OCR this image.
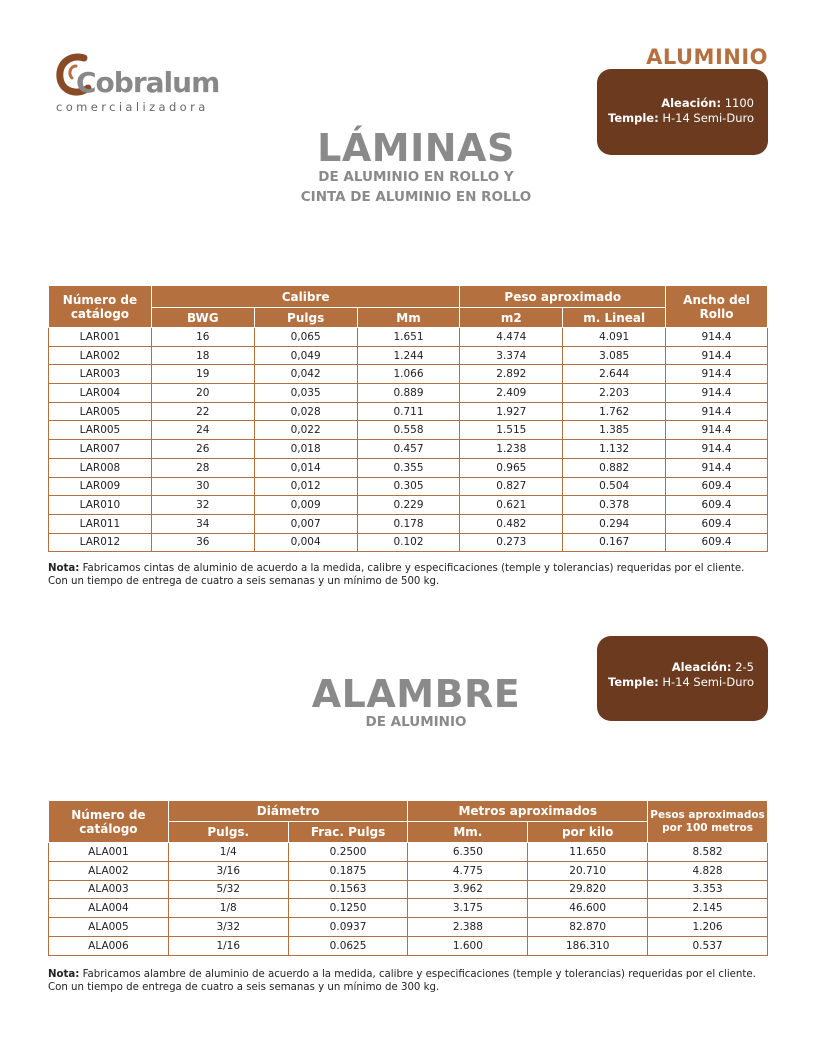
Cobralum
comercializadora
ALUMINIO
Aleación: 1100
Temple: H-14 Semi-Duro
LÁMINAS
DE ALUMINIO EN ROLLO Y
CINTA DE ALUMINIO EN ROLLO
Número de catálogo	Calibre			Peso aproximado		Ancho del Rollo
	BWG	Pulgs	Mm	m2	m. Lineal	
LAR001	16	0,065	1.651	4.474	4.091	914.4
LAR002	18	0,049	1.244	3.374	3.085	914.4
LAR003	19	0,042	1.066	2.892	2.644	914.4
LAR004	20	0,035	0.889	2.409	2.203	914.4
LAR005	22	0,028	0.711	1.927	1.762	914.4
LAR005	24	0,022	0.558	1.515	1.385	914.4
LAR007	26	0,018	0.457	1.238	1.132	914.4
LAR008	28	0,014	0.355	0.965	0.882	914.4
LAR009	30	0,012	0.305	0.827	0.504	609.4
LAR010	32	0,009	0.229	0.621	0.378	609.4
LAR011	34	0,007	0.178	0.482	0.294	609.4
LAR012	36	0,004	0.102	0.273	0.167	609.4
Nota: Fabricamos cintas de aluminio de acuerdo a la medida, calibre y especificaciones (temple y tolerancias) requeridas por el cliente.
Con un tiempo de entrega de cuatro a seis semanas y un mínimo de 500 kg.
Aleación: 2-5
Temple: H-14 Semi-Duro
ALAMBRE
DE ALUMINIO
Número de catálogo	Diámetro		Metros aproximados		Pesos aproximados por 100 metros
	Pulgs.	Frac. Pulgs	Mm.	por kilo	
ALA001	1/4	0.2500	6.350	11.650	8.582
ALA002	3/16	0.1875	4.775	20.710	4.828
ALA003	5/32	0.1563	3.962	29.820	3.353
ALA004	1/8	0.1250	3.175	46.600	2.145
ALA005	3/32	0.0937	2.388	82.870	1.206
ALA006	1/16	0.0625	1.600	186.310	0.537
Nota: Fabricamos alambre de aluminio de acuerdo a la medida, calibre y especificaciones (temple y tolerancias) requeridas por el cliente.
Con un tiempo de entrega de cuatro a seis semanas y un mínimo de 300 kg.
